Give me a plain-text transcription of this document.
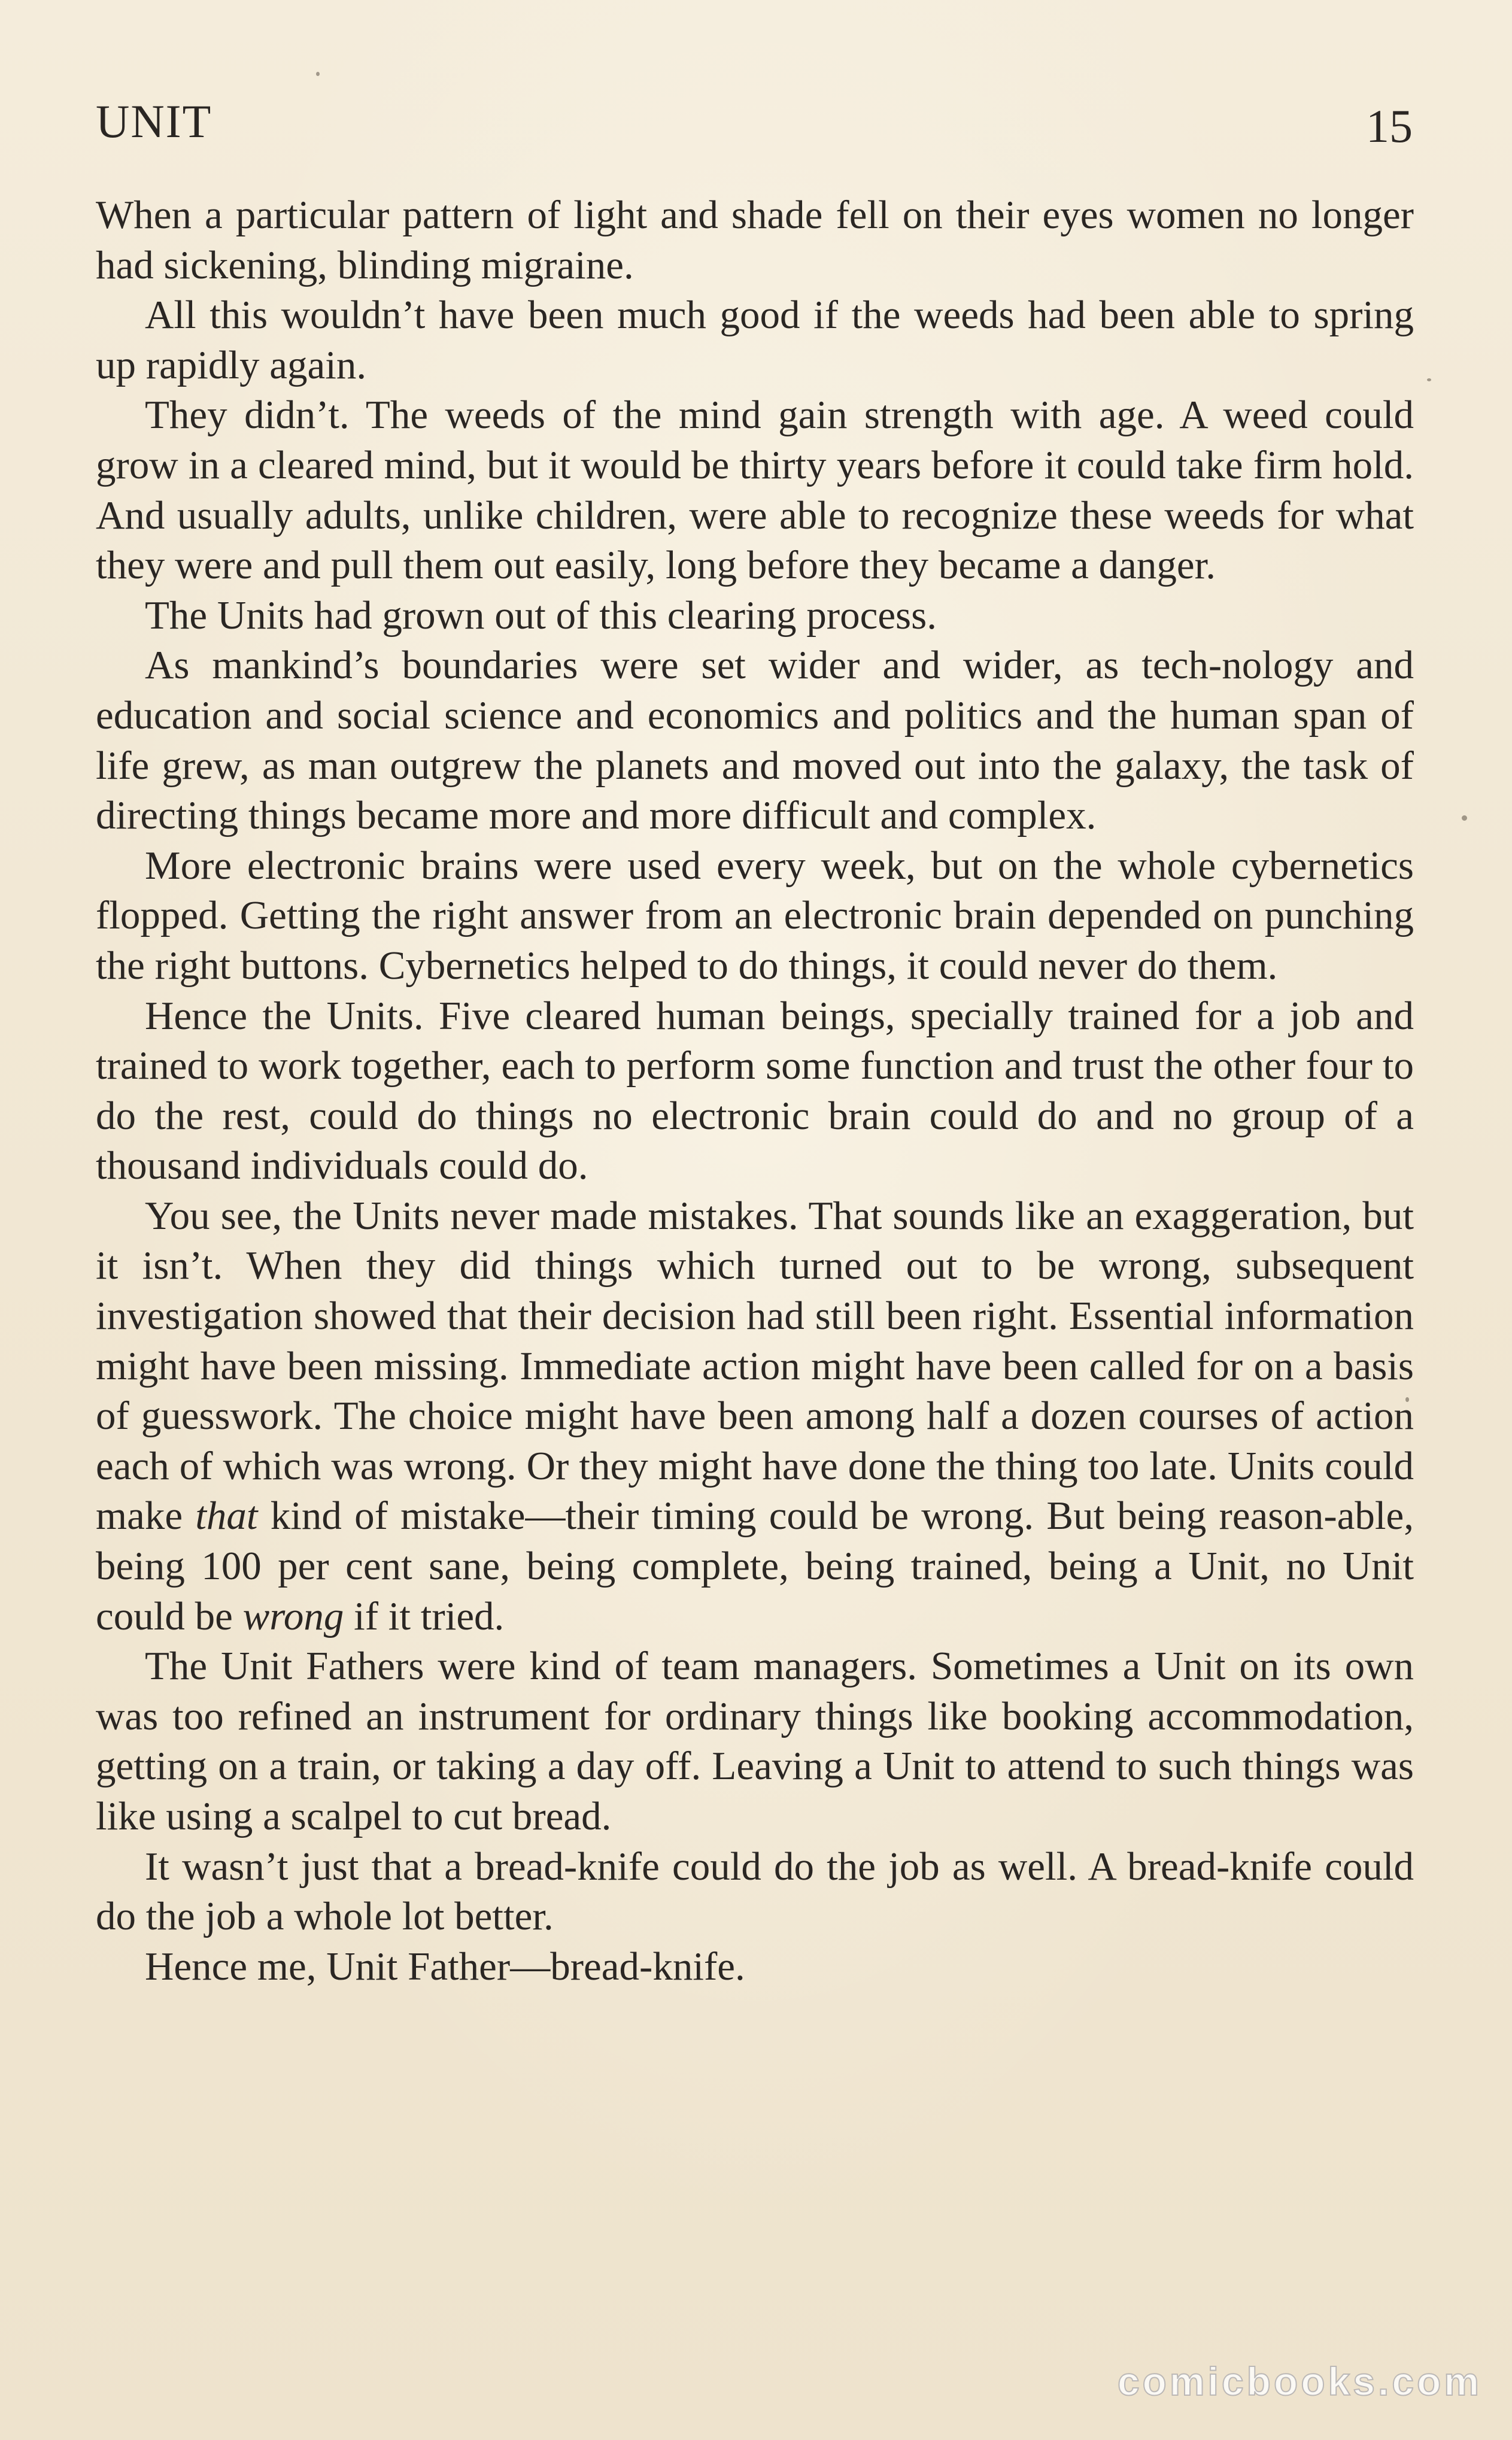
UNIT	15

When a particular pattern of light and shade fell on their eyes women no longer had sickening, blinding migraine.

All this wouldn’t have been much good if the weeds had been able to spring up rapidly again.

They didn’t. The weeds of the mind gain strength with age. A weed could grow in a cleared mind, but it would be thirty years before it could take firm hold. And usually adults, unlike children, were able to recognize these weeds for what they were and pull them out easily, long before they became a danger.

The Units had grown out of this clearing process.

As mankind’s boundaries were set wider and wider, as tech-nology and education and social science and economics and politics and the human span of life grew, as man outgrew the planets and moved out into the galaxy, the task of directing things became more and more difficult and complex.

More electronic brains were used every week, but on the whole cybernetics flopped. Getting the right answer from an electronic brain depended on punching the right buttons. Cybernetics helped to do things, it could never do them.

Hence the Units. Five cleared human beings, specially trained for a job and trained to work together, each to perform some function and trust the other four to do the rest, could do things no electronic brain could do and no group of a thousand individuals could do.

You see, the Units never made mistakes. That sounds like an exaggeration, but it isn’t. When they did things which turned out to be wrong, subsequent investigation showed that their decision had still been right. Essential information might have been missing. Immediate action might have been called for on a basis of guesswork. The choice might have been among half a dozen courses of action each of which was wrong. Or they might have done the thing too late. Units could make that kind of mistake—their timing could be wrong. But being reason-able, being 100 per cent sane, being complete, being trained, being a Unit, no Unit could be wrong if it tried.

The Unit Fathers were kind of team managers. Sometimes a Unit on its own was too refined an instrument for ordinary things like booking accommodation, getting on a train, or taking a day off. Leaving a Unit to attend to such things was like using a scalpel to cut bread.

It wasn’t just that a bread-knife could do the job as well. A bread-knife could do the job a whole lot better.

Hence me, Unit Father—bread-knife.

comicbooks.com
